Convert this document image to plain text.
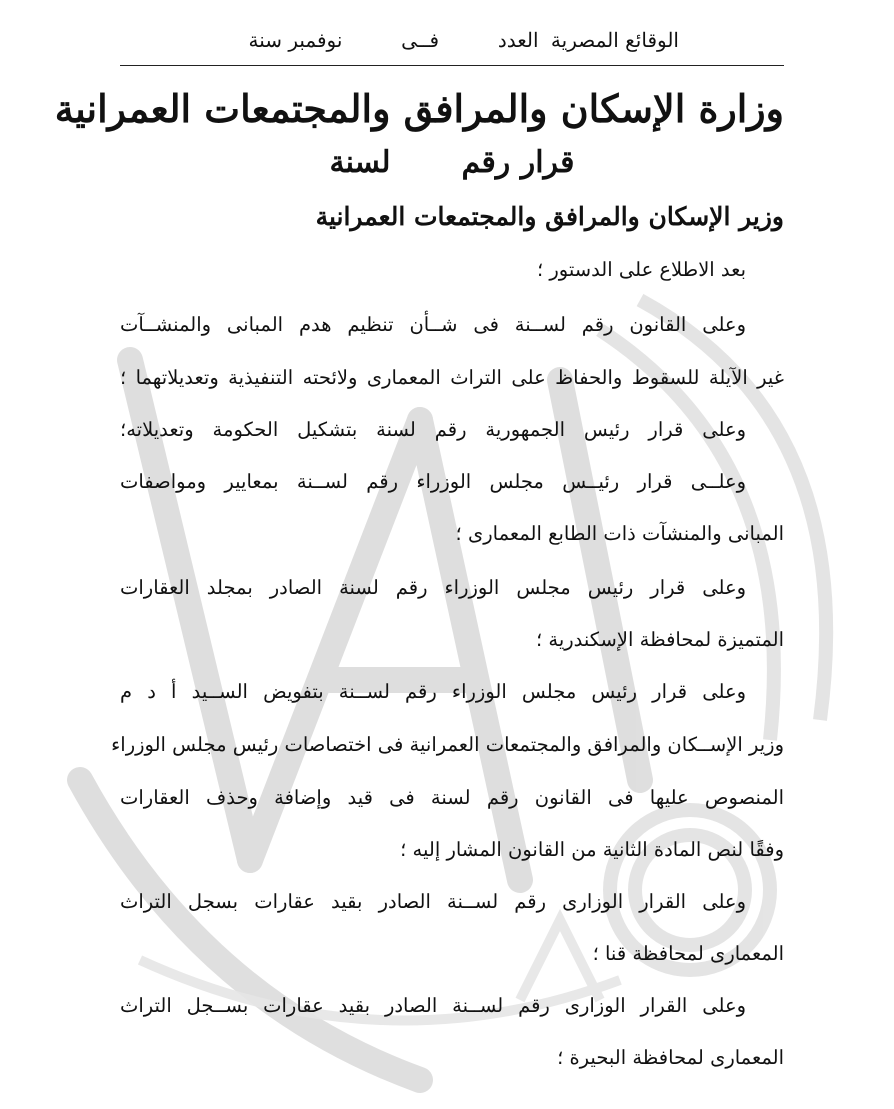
الوقائع المصرية العدد  فــى  نوفمبر سنة
وزارة الإسكان والمرافق والمجتمعات العمرانية
قرار رقم  لسنة
وزير الإسكان والمرافق والمجتمعات العمرانية
بعد الاطلاع على الدستور ؛
وعلى القانون رقم لســنة فى شــأن تنظيم هدم المبانى والمنشــآت
غير الآيلة للسقوط والحفاظ على التراث المعمارى ولائحته التنفيذية وتعديلاتهما ؛
وعلى قرار رئيس الجمهورية رقم لسنة بتشكيل الحكومة وتعديلاته؛
وعلــى قرار رئيــس مجلس الوزراء رقم لســنة بمعايير ومواصفات
المبانى والمنشآت ذات الطابع المعمارى ؛
وعلى قرار رئيس مجلس الوزراء رقم لسنة الصادر بمجلد العقارات
المتميزة لمحافظة الإسكندرية ؛
وعلى قرار رئيس مجلس الوزراء رقم لســنة بتفويض الســيد أ د م
وزير الإســكان والمرافق والمجتمعات العمرانية فى اختصاصات رئيس مجلس الوزراء
المنصوص عليها فى القانون رقم لسنة فى قيد وإضافة وحذف العقارات
وفقًا لنص المادة الثانية من القانون المشار إليه ؛
وعلى القرار الوزارى رقم لســنة الصادر بقيد عقارات بسجل التراث
المعمارى لمحافظة قنا ؛
وعلى القرار الوزارى رقم لســنة الصادر بقيد عقارات بســجل التراث
المعمارى لمحافظة البحيرة ؛
